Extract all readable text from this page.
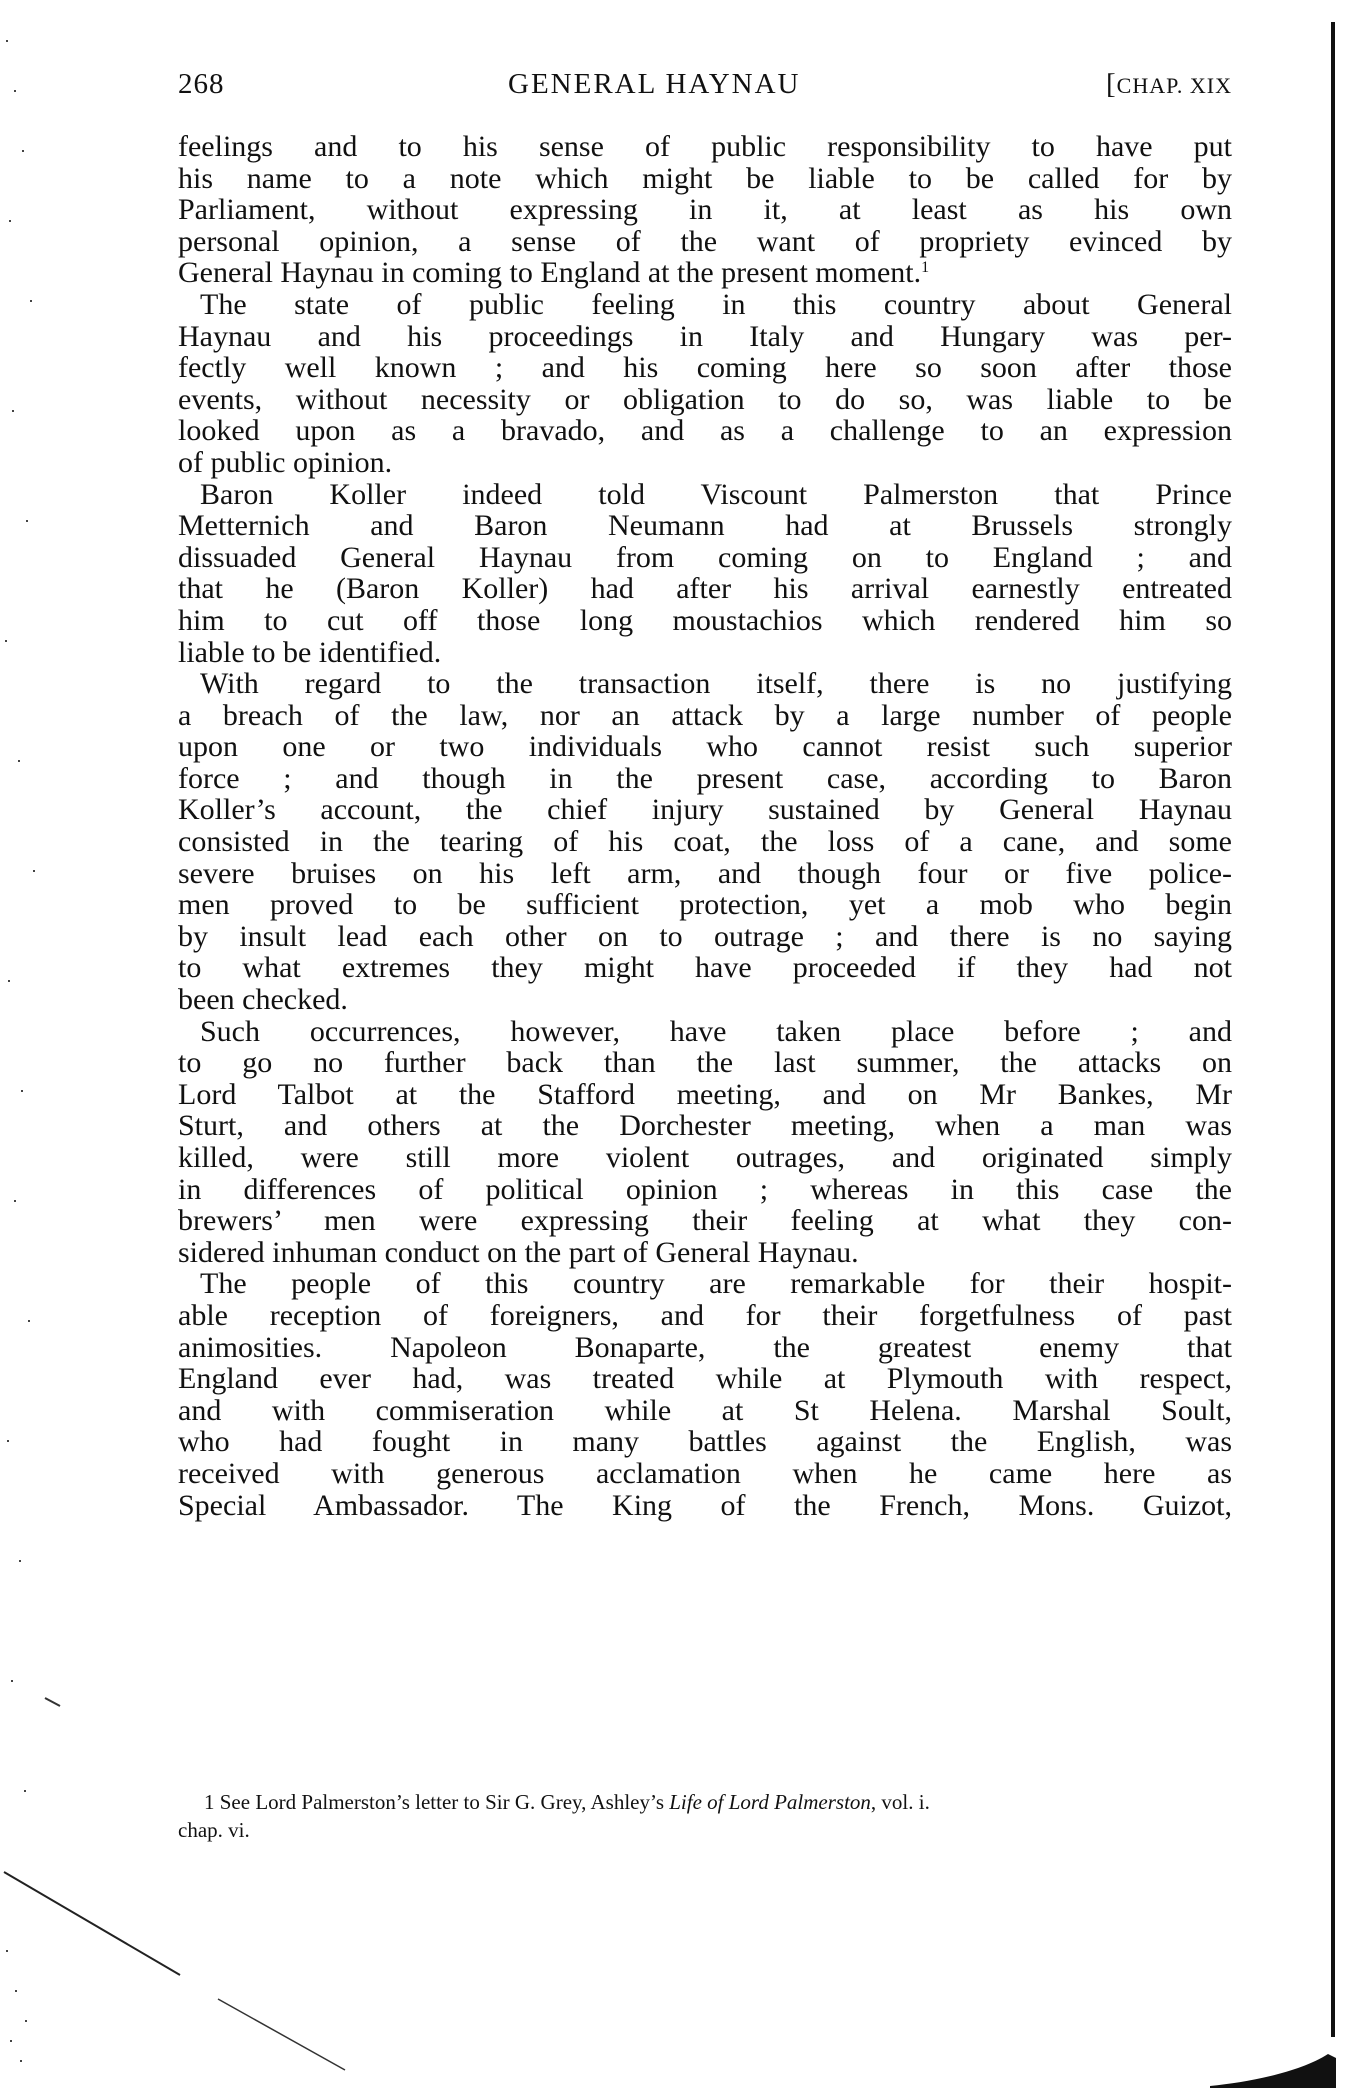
268	GENERAL HAYNAU	[CHAP. XIX
feelings and to his sense of public responsibility to have put
his name to a note which might be liable to be called for by
Parliament, without expressing in it, at least as his own
personal opinion, a sense of the want of propriety evinced by
General Haynau in coming to England at the present moment.$^1$
The state of public feeling in this country about General
Haynau and his proceedings in Italy and Hungary was per-
fectly well known ; and his coming here so soon after those
events, without necessity or obligation to do so, was liable to be
looked upon as a bravado, and as a challenge to an expression
of public opinion.
Baron Koller indeed told Viscount Palmerston that Prince
Metternich and Baron Neumann had at Brussels strongly
dissuaded General Haynau from coming on to England ; and
that he (Baron Koller) had after his arrival earnestly entreated
him to cut off those long moustachios which rendered him so
liable to be identified.
With regard to the transaction itself, there is no justifying
a breach of the law, nor an attack by a large number of people
upon one or two individuals who cannot resist such superior
force ; and though in the present case, according to Baron
Koller’s account, the chief injury sustained by General Haynau
consisted in the tearing of his coat, the loss of a cane, and some
severe bruises on his left arm, and though four or five police-
men proved to be sufficient protection, yet a mob who begin
by insult lead each other on to outrage ; and there is no saying
to what extremes they might have proceeded if they had not
been checked.
Such occurrences, however, have taken place before ; and
to go no further back than the last summer, the attacks on
Lord Talbot at the Stafford meeting, and on Mr Bankes, Mr
Sturt, and others at the Dorchester meeting, when a man was
killed, were still more violent outrages, and originated simply
in differences of political opinion ; whereas in this case the
brewers’ men were expressing their feeling at what they con-
sidered inhuman conduct on the part of General Haynau.
The people of this country are remarkable for their hospit-
able reception of foreigners, and for their forgetfulness of past
animosities. Napoleon Bonaparte, the greatest enemy that
England ever had, was treated while at Plymouth with respect,
and with commiseration while at St Helena. Marshal Soult,
who had fought in many battles against the English, was
received with generous acclamation when he came here as
Special Ambassador. The King of the French, Mons. Guizot,
1 See Lord Palmerston’s letter to Sir G. Grey, Ashley’s Life of Lord Palmerston, vol. i.
chap. vi.
